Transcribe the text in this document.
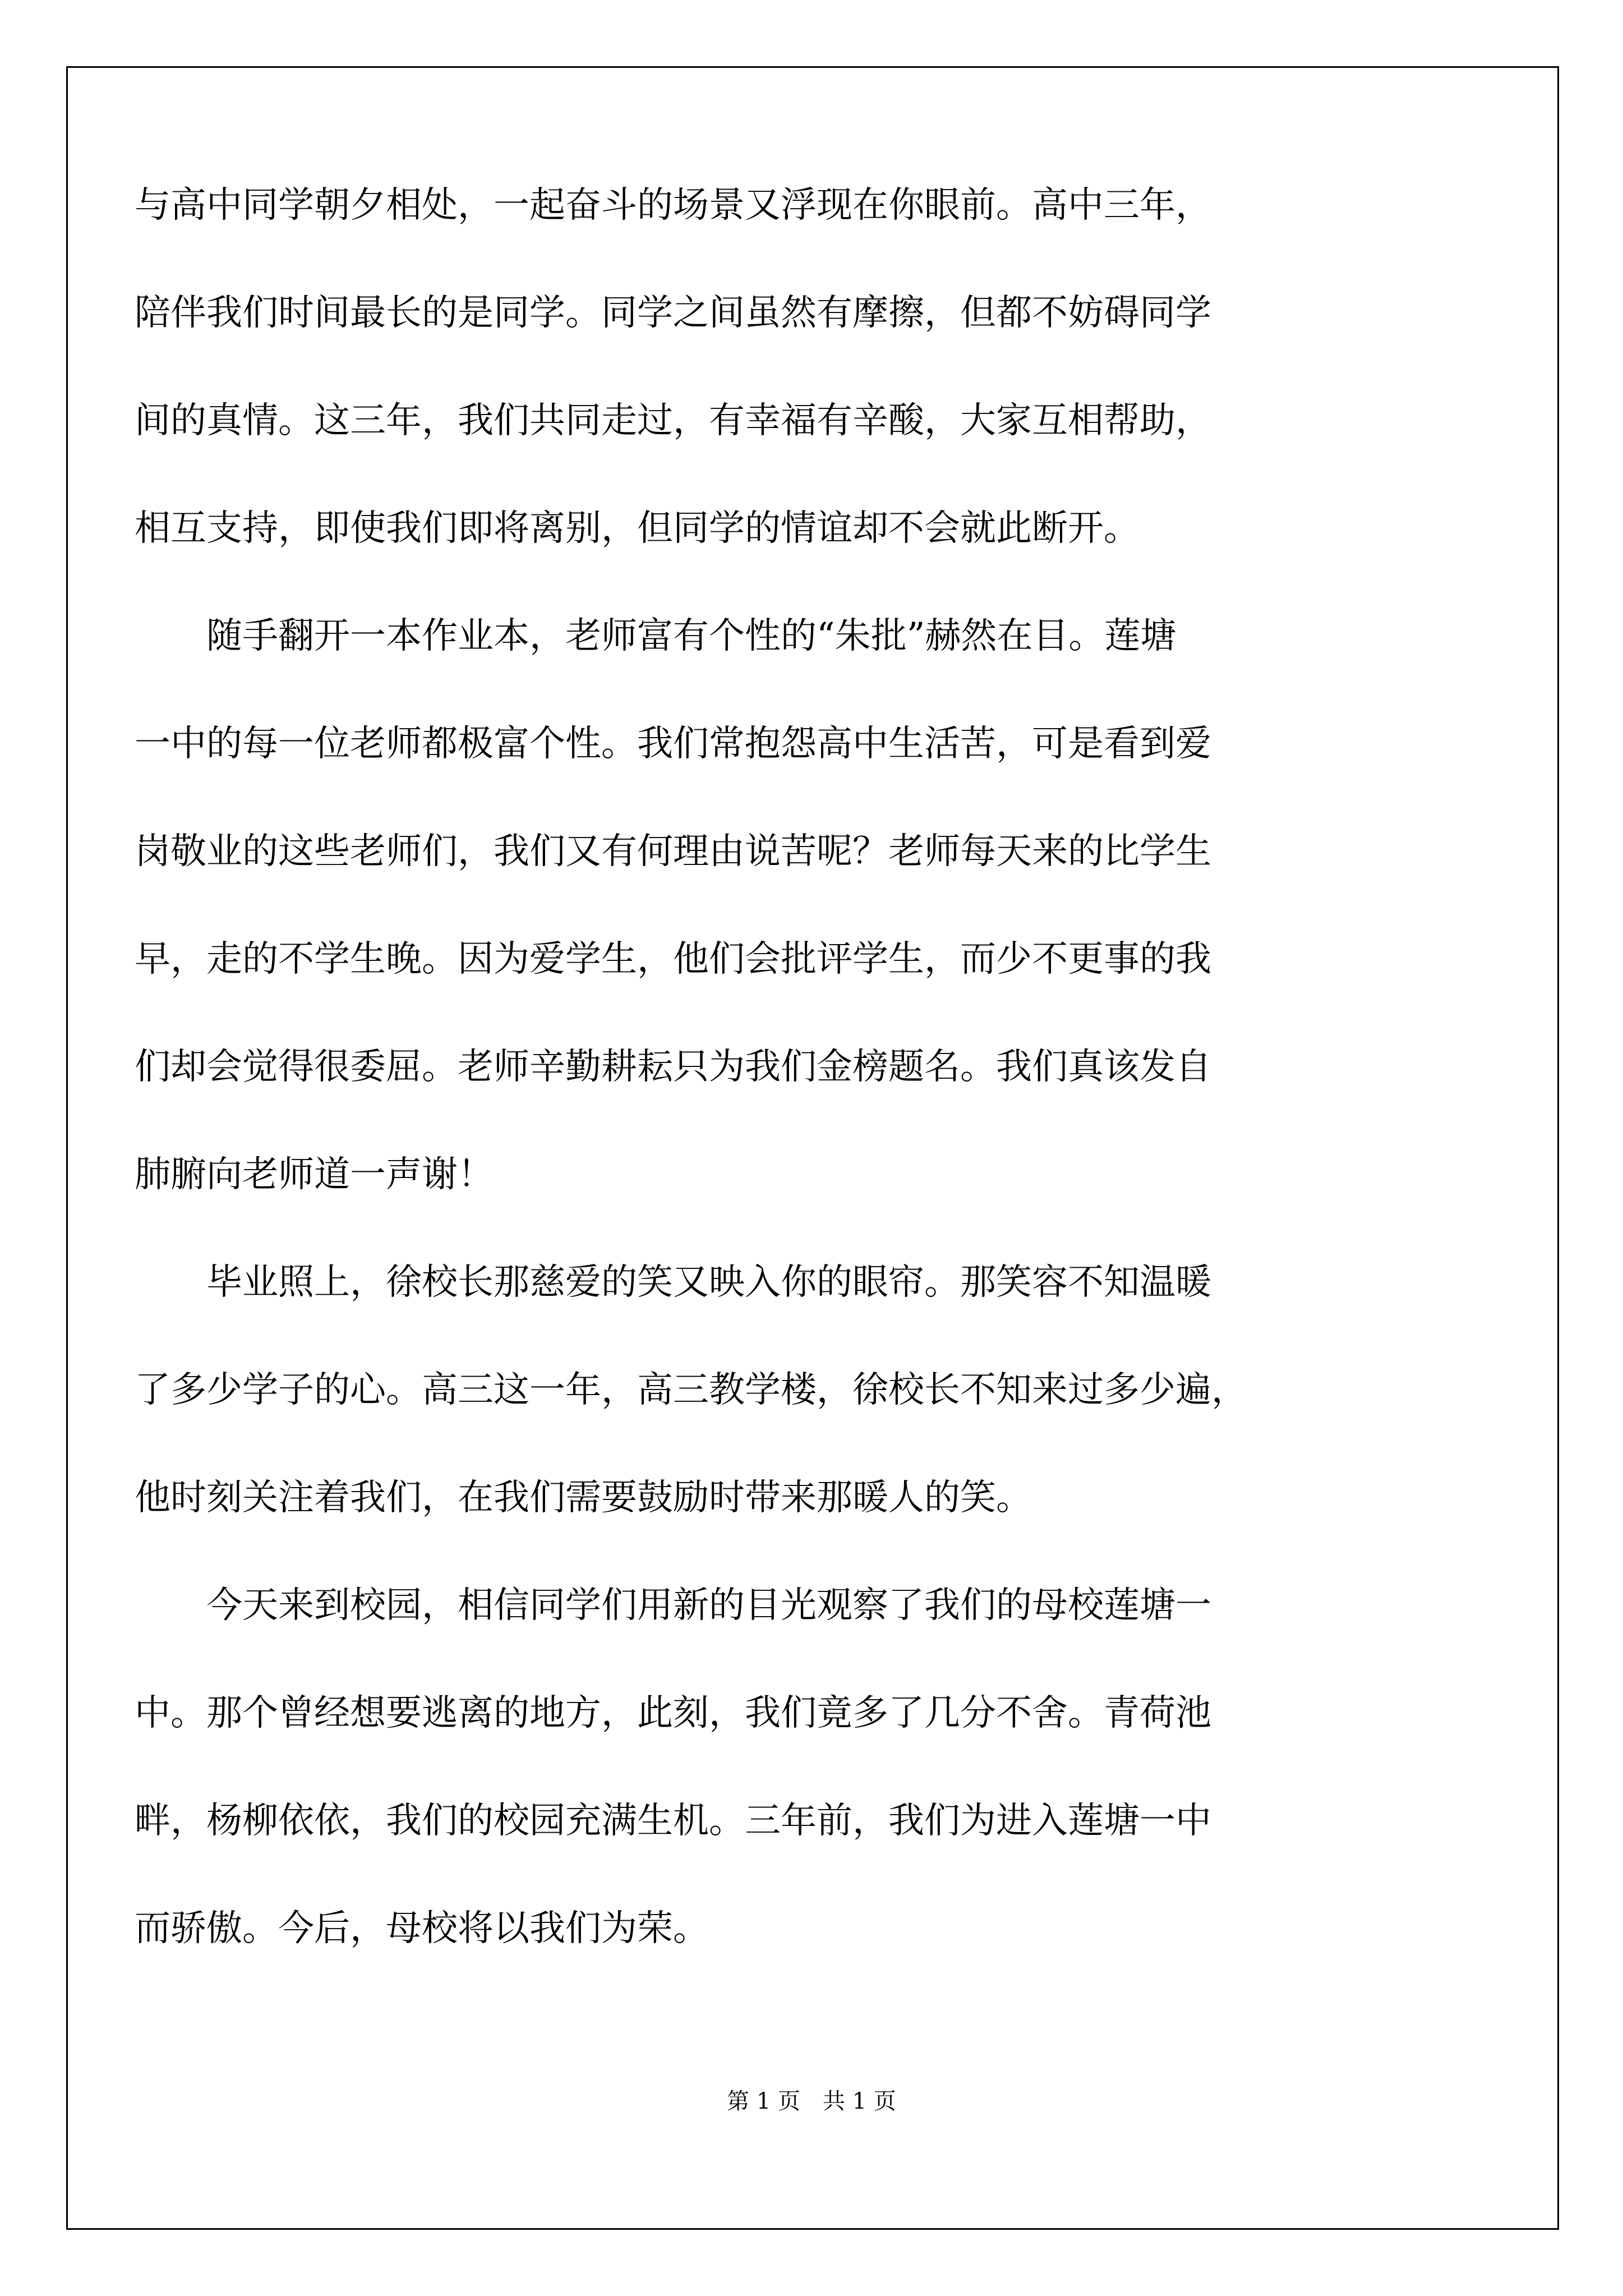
与高中同学朝夕相处，一起奋斗的场景又浮现在你眼前。高中三年，
陪伴我们时间最长的是同学。同学之间虽然有摩擦，但都不妨碍同学
间的真情。这三年，我们共同走过，有幸福有辛酸，大家互相帮助，
相互支持，即使我们即将离别，但同学的情谊却不会就此断开。
随手翻开一本作业本，老师富有个性的“朱批”赫然在目。莲塘
一中的每一位老师都极富个性。我们常抱怨高中生活苦，可是看到爱
岗敬业的这些老师们，我们又有何理由说苦呢？老师每天来的比学生
早，走的不学生晚。因为爱学生，他们会批评学生，而少不更事的我
们却会觉得很委屈。老师辛勤耕耘只为我们金榜题名。我们真该发自
肺腑向老师道一声谢！
毕业照上，徐校长那慈爱的笑又映入你的眼帘。那笑容不知温暖
了多少学子的心。高三这一年，高三教学楼，徐校长不知来过多少遍，
他时刻关注着我们，在我们需要鼓励时带来那暖人的笑。
今天来到校园，相信同学们用新的目光观察了我们的母校莲塘一
中。那个曾经想要逃离的地方，此刻，我们竟多了几分不舍。青荷池
畔，杨柳依依，我们的校园充满生机。三年前，我们为进入莲塘一中
而骄傲。今后，母校将以我们为荣。
第 1 页　共 1 页
